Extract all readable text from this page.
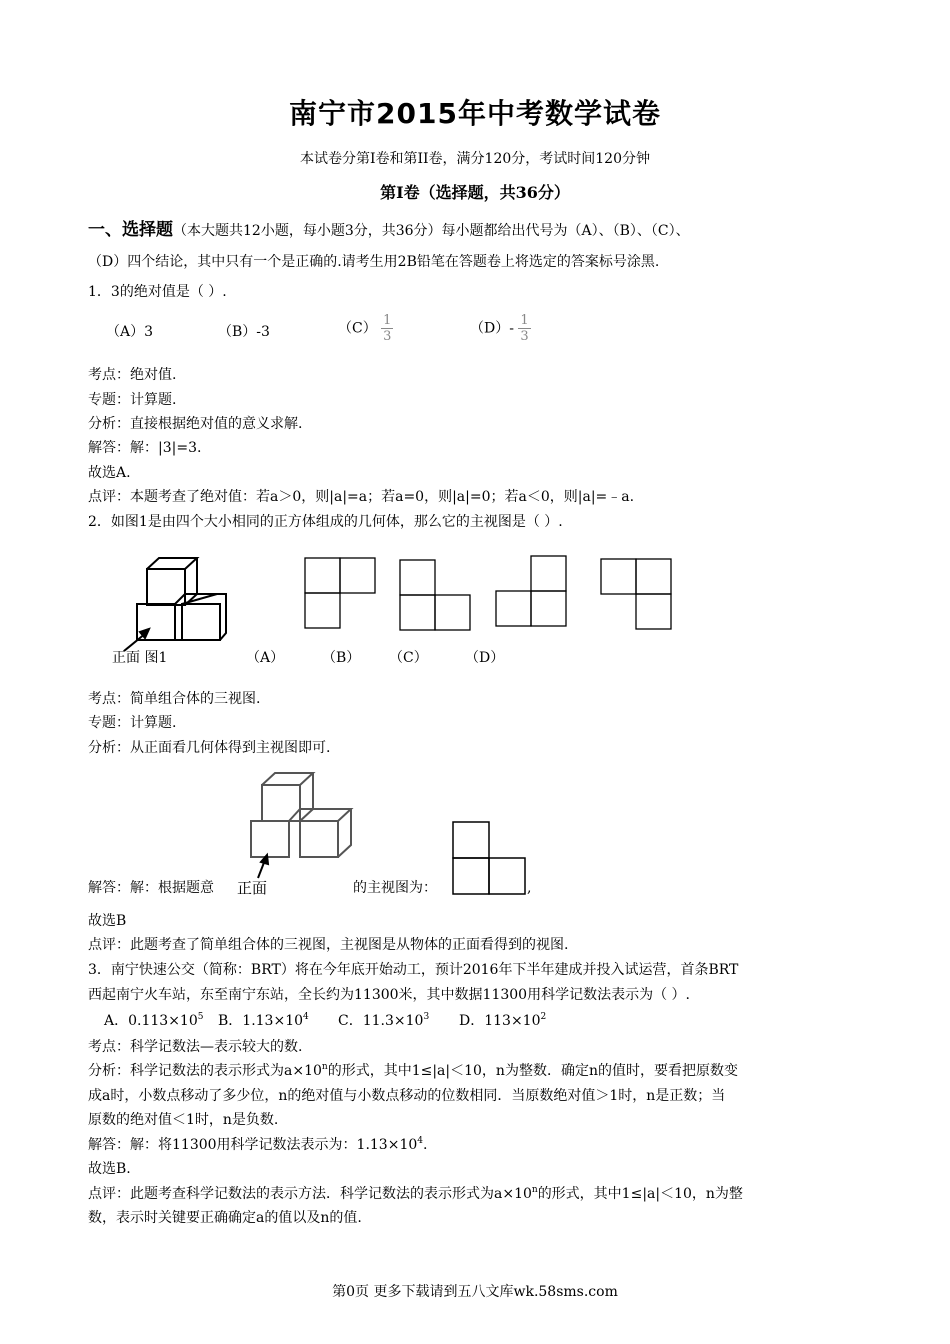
南宁市2015年中考数学试卷
本试卷分第I卷和第II卷，满分120分，考试时间120分钟
第I卷（选择题，共36分）
一、选择题（本大题共12小题，每小题3分，共36分）每小题都给出代号为（A）、（B）、（C）、
（D）四个结论，其中只有一个是正确的.请考生用2B铅笔在答题卷上将选定的答案标号涂黑.
1．3的绝对值是（ ）.
（A）3	（B）-3	$(C) \frac{1}{3}$	$(D)- \frac{1}{3}$
考点：绝对值.
专题：计算题.
分析：直接根据绝对值的意义求解.
解答：解：|3|=3.
故选A.
点评：本题考查了绝对值：若a＞0，则|a|=a；若a=0，则|a|=0；若a＜0，则|a|=﹣a.
2．如图1是由四个大小相同的正方体组成的几何体，那么它的主视图是（ ）.
正面 图1	（A）	（B） （C）	（D）
考点：简单组合体的三视图.
专题：计算题.
分析：从正面看几何体得到主视图即可.
解答：解：根据题意 正面	的主视图为：	,
故选B
点评：此题考查了简单组合体的三视图，主视图是从物体的正面看得到的视图.
3．南宁快速公交（简称：BRT）将在今年底开始动工，预计2016年下半年建成并投入试运营，首条BRT
西起南宁火车站，东至南宁东站，全长约为11300米，其中数据11300用科学记数法表示为（ ）.
A．$0.113\times 10^5$ B．$1.13\times 10^4$ C．$11.3\times 10^3$ D．$113\times 10^2$
考点：科学记数法—表示较大的数.
分析：科学记数法的表示形式为$a\times 10^n$的形式，其中1≤|a|＜10，n为整数．确定n的值时，要看把原数变
成a时，小数点移动了多少位，n的绝对值与小数点移动的位数相同．当原数绝对值＞1时，n是正数；当
原数的绝对值＜1时，n是负数.
解答：解：将11300用科学记数法表示为：$1.13\times 10^4$.
故选B.
点评：此题考查科学记数法的表示方法．科学记数法的表示形式为$a\times 10^n$的形式，其中1≤|a|＜10，n为整
数，表示时关键要正确确定a的值以及n的值.
第0页 更多下载请到五八文库wk.58sms.com
